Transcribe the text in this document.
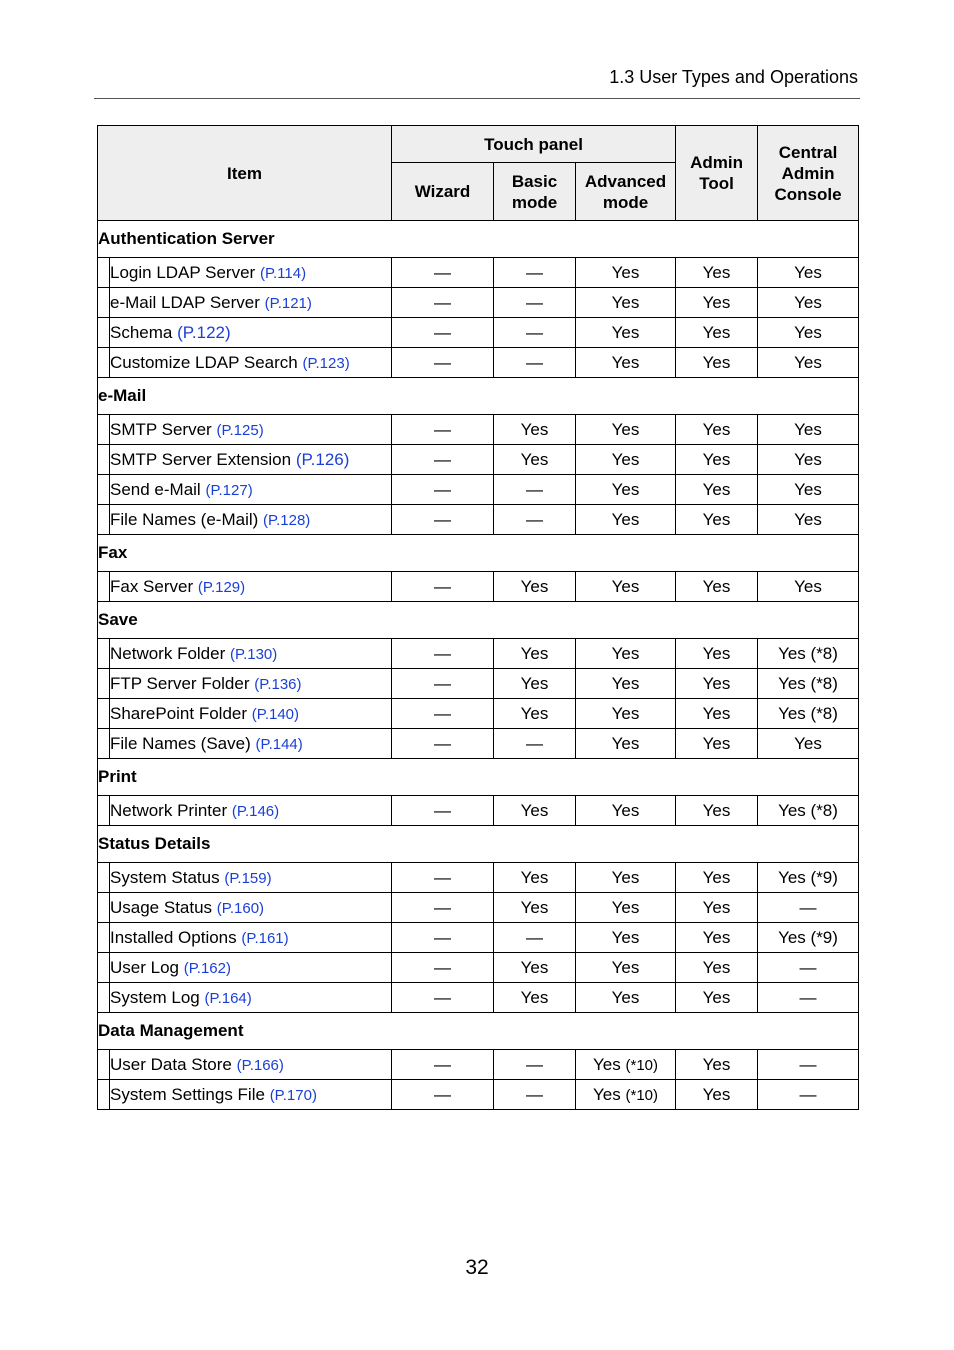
1.3 User Types and Operations
Item		Touch panel			Admin Tool	Central Admin Console
		Wizard	Basic mode	Advanced mode		
Authentication Server						
	Login LDAP Server (P.114)	—	—	Yes	Yes	Yes
	e-Mail LDAP Server (P.121)	—	—	Yes	Yes	Yes
	Schema (P.122)	—	—	Yes	Yes	Yes
	Customize LDAP Search (P.123)	—	—	Yes	Yes	Yes
e-Mail						
	SMTP Server (P.125)	—	Yes	Yes	Yes	Yes
	SMTP Server Extension (P.126)	—	Yes	Yes	Yes	Yes
	Send e-Mail (P.127)	—	—	Yes	Yes	Yes
	File Names (e-Mail) (P.128)	—	—	Yes	Yes	Yes
Fax						
	Fax Server (P.129)	—	Yes	Yes	Yes	Yes
Save						
	Network Folder (P.130)	—	Yes	Yes	Yes	Yes (*8)
	FTP Server Folder (P.136)	—	Yes	Yes	Yes	Yes (*8)
	SharePoint Folder (P.140)	—	Yes	Yes	Yes	Yes (*8)
	File Names (Save) (P.144)	—	—	Yes	Yes	Yes
Print						
	Network Printer (P.146)	—	Yes	Yes	Yes	Yes (*8)
Status Details						
	System Status (P.159)	—	Yes	Yes	Yes	Yes (*9)
	Usage Status (P.160)	—	Yes	Yes	Yes	—
	Installed Options (P.161)	—	—	Yes	Yes	Yes (*9)
	User Log (P.162)	—	Yes	Yes	Yes	—
	System Log (P.164)	—	Yes	Yes	Yes	—
Data Management						
	User Data Store (P.166)	—	—	Yes (*10)	Yes	—
	System Settings File (P.170)	—	—	Yes (*10)	Yes	—
32
